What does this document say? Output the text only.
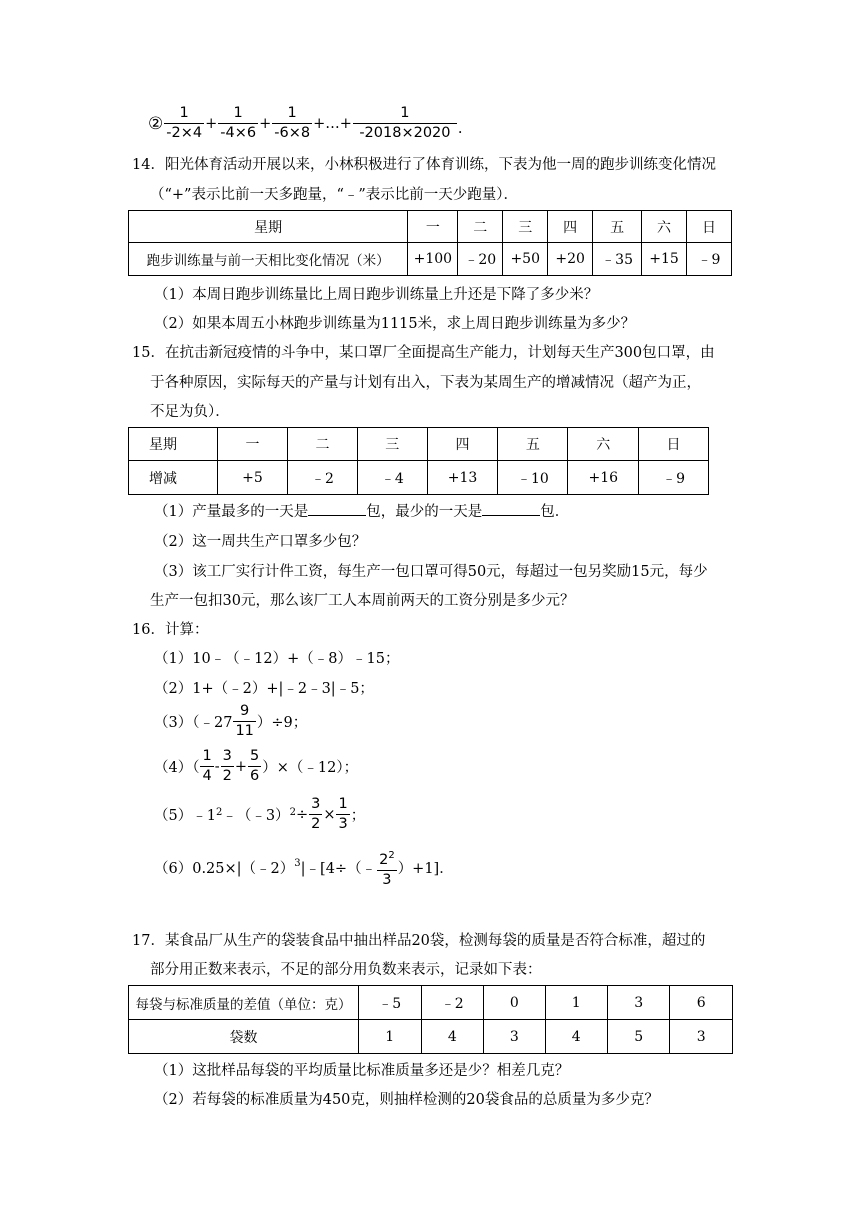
② $\frac{1}{-2\times 4} + \frac{1}{-4\times 6} + \frac{1}{-6\times 8}$ +…+ $\frac{1}{-2018\times 2020}$ .
14．阳光体育活动开展以来，小林积极进行了体育训练，下表为他一周的跑步训练变化情况
（“+”表示比前一天多跑量，“﹣”表示比前一天少跑量）．
星期	一	二	三	四	五	六	日
跑步训练量与前一天相比变化情况（米）	+100	﹣20	+50	+20	﹣35	+15	﹣9
（1）本周日跑步训练量比上周日跑步训练量上升还是下降了多少米？
（2）如果本周五小林跑步训练量为1115米，求上周日跑步训练量为多少？
15．在抗击新冠疫情的斗争中，某口罩厂全面提高生产能力，计划每天生产300包口罩，由
于各种原因，实际每天的产量与计划有出入，下表为某周生产的增减情况（超产为正，
不足为负）．
星期	一	二	三	四	五	六	日
增减	+5	﹣2	﹣4	+13	﹣10	+16	﹣9
（1）产量最多的一天是	包，最少的一天是	包．
（2）这一周共生产口罩多少包？
（3）该工厂实行计件工资，每生产一包口罩可得50元，每超过一包另奖励15元，每少
生产一包扣30元，那么该厂工人本周前两天的工资分别是多少元？
16．计算：
（1）10﹣（﹣12）+（﹣8）﹣15；
（2）1+（﹣2）+|﹣2﹣3|﹣5；
（3）（﹣27 $\frac{9}{11} )\div 9$；
$(4)( \frac{1}{4} - \frac{3}{2} + \frac{5}{6}$ ）×（﹣12）；
（5）﹣1 2 ﹣（﹣3） $2 \div \frac{3}{2} \times \frac{1}{3}$ ；
（6）0.25×|（﹣2）$^3$ |﹣[4÷（﹣ $\frac{2^2}{3} )+1$]．
17．某食品厂从生产的袋装食品中抽出样品20袋，检测每袋的质量是否符合标准，超过的
部分用正数来表示，不足的部分用负数来表示，记录如下表：
每袋与标准质量的差值（单位：克）	﹣5	﹣2	0	1	3	6
袋数	1	4	3	4	5	3
（1）这批样品每袋的平均质量比标准质量多还是少？相差几克？
（2）若每袋的标准质量为450克，则抽样检测的20袋食品的总质量为多少克？
